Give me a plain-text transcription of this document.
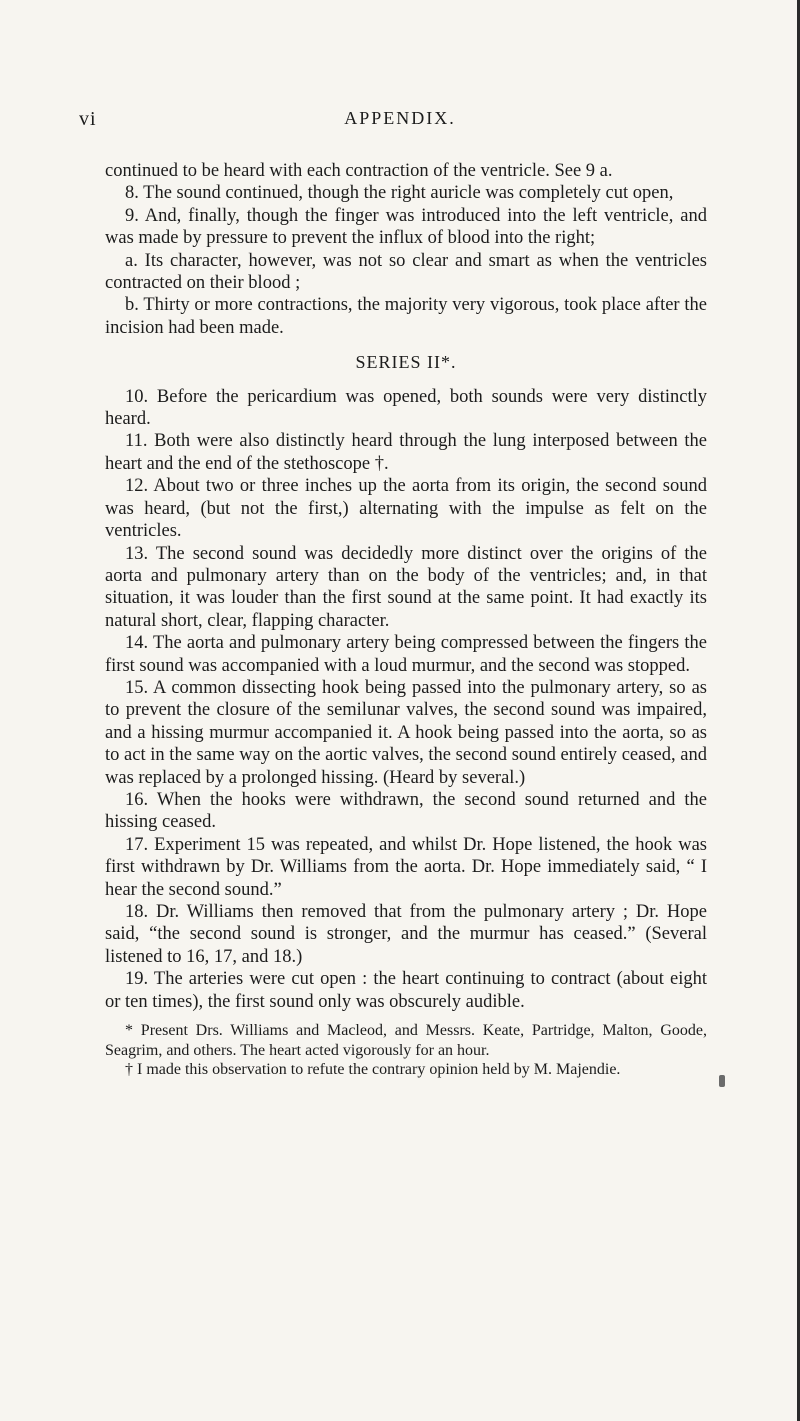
vi	APPENDIX.

continued to be heard with each contraction of the ventricle. See 9 a.

8. The sound continued, though the right auricle was completely cut open,

9. And, finally, though the finger was introduced into the left ventricle, and was made by pressure to prevent the influx of blood into the right;

a. Its character, however, was not so clear and smart as when the ventricles contracted on their blood ;

b. Thirty or more contractions, the majority very vigorous, took place after the incision had been made.

SERIES II*.

10. Before the pericardium was opened, both sounds were very distinctly heard.

11. Both were also distinctly heard through the lung interposed between the heart and the end of the stethoscope †.

12. About two or three inches up the aorta from its origin, the second sound was heard, (but not the first,) alternating with the impulse as felt on the ventricles.

13. The second sound was decidedly more distinct over the origins of the aorta and pulmonary artery than on the body of the ventricles; and, in that situation, it was louder than the first sound at the same point. It had exactly its natural short, clear, flapping character.

14. The aorta and pulmonary artery being compressed between the fingers the first sound was accompanied with a loud murmur, and the second was stopped.

15. A common dissecting hook being passed into the pulmonary artery, so as to prevent the closure of the semilunar valves, the second sound was impaired, and a hissing murmur accompanied it. A hook being passed into the aorta, so as to act in the same way on the aortic valves, the second sound entirely ceased, and was replaced by a prolonged hissing. (Heard by several.)

16. When the hooks were withdrawn, the second sound returned and the hissing ceased.

17. Experiment 15 was repeated, and whilst Dr. Hope listened, the hook was first withdrawn by Dr. Williams from the aorta. Dr. Hope immediately said, “ I hear the second sound.”

18. Dr. Williams then removed that from the pulmonary artery ; Dr. Hope said, “the second sound is stronger, and the murmur has ceased.” (Several listened to 16, 17, and 18.)

19. The arteries were cut open : the heart continuing to contract (about eight or ten times), the first sound only was obscurely audible.

* Present Drs. Williams and Macleod, and Messrs. Keate, Partridge, Malton, Goode, Seagrim, and others. The heart acted vigorously for an hour.

† I made this observation to refute the contrary opinion held by M. Majendie.
